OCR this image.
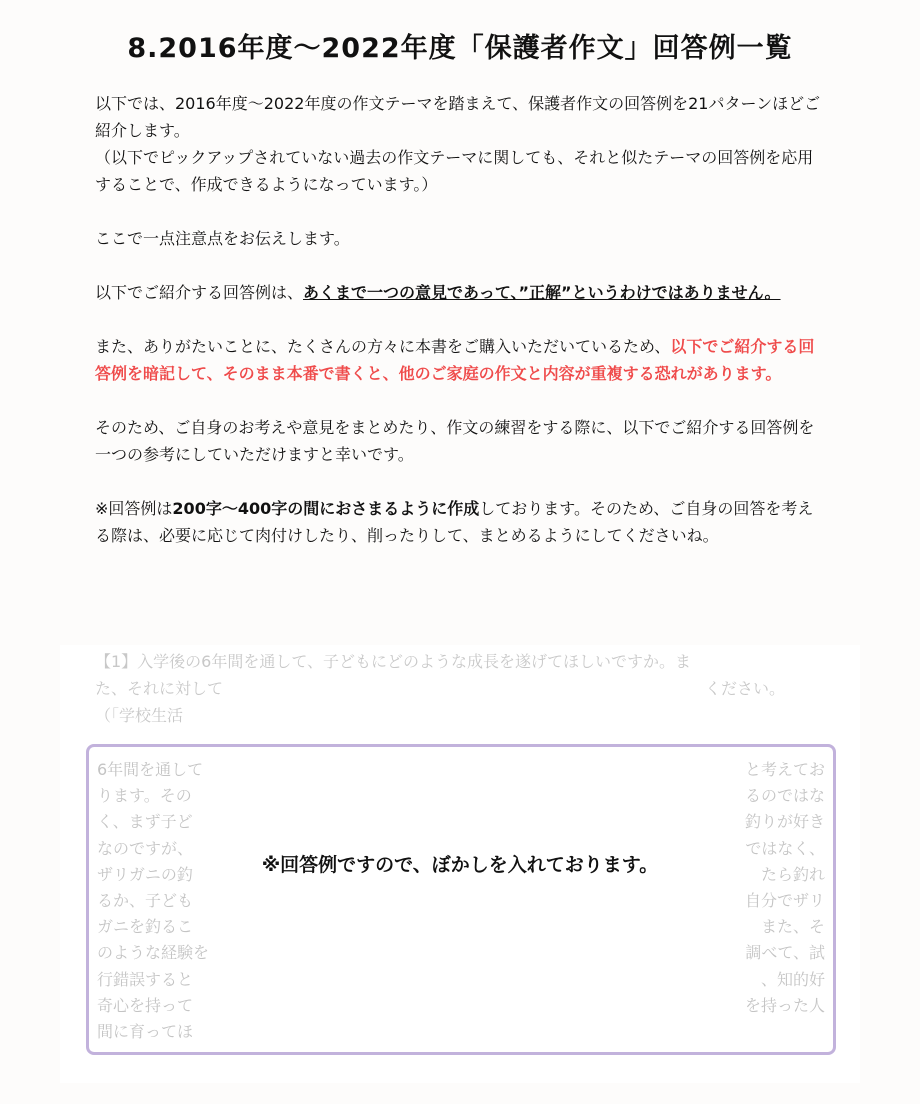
8.2016年度〜2022年度「保護者作文」回答例一覧

以下では、2016年度〜2022年度の作文テーマを踏まえて、保護者作文の回答例を21パターンほどご紹介します。
（以下でピックアップされていない過去の作文テーマに関しても、それと似たテーマの回答例を応用することで、作成できるようになっています。）

ここで一点注意点をお伝えします。

以下でご紹介する回答例は、あくまで一つの意見であって、”正解”というわけではありません。

また、ありがたいことに、たくさんの方々に本書をご購入いただいているため、以下でご紹介する回答例を暗記して、そのまま本番で書くと、他のご家庭の作文と内容が重複する恐れがあります。

そのため、ご自身のお考えや意見をまとめたり、作文の練習をする際に、以下でご紹介する回答例を一つの参考にしていただけますと幸いです。

※回答例は200字〜400字の間におさまるように作成しております。そのため、ご自身の回答を考える際は、必要に応じて肉付けしたり、削ったりして、まとめるようにしてくださいね。

【1】入学後の6年間を通して、子どもにどのような成長を遂げてほしいですか。ま
た、それに対して	ください。
（「学校生活
6年間を通して	と考えてお
ります。その	るのではな
く、まず子ど	釣りが好き
なのですが、	ではなく、
ザリガニの釣	たら釣れ
るか、子ども	自分でザリ
ガニを釣るこ	また、そ
のような経験を	調べて、試
行錯誤すると	、知的好
奇心を持って	を持った人
間に育ってほ
※回答例ですので、ぼかしを入れております。
